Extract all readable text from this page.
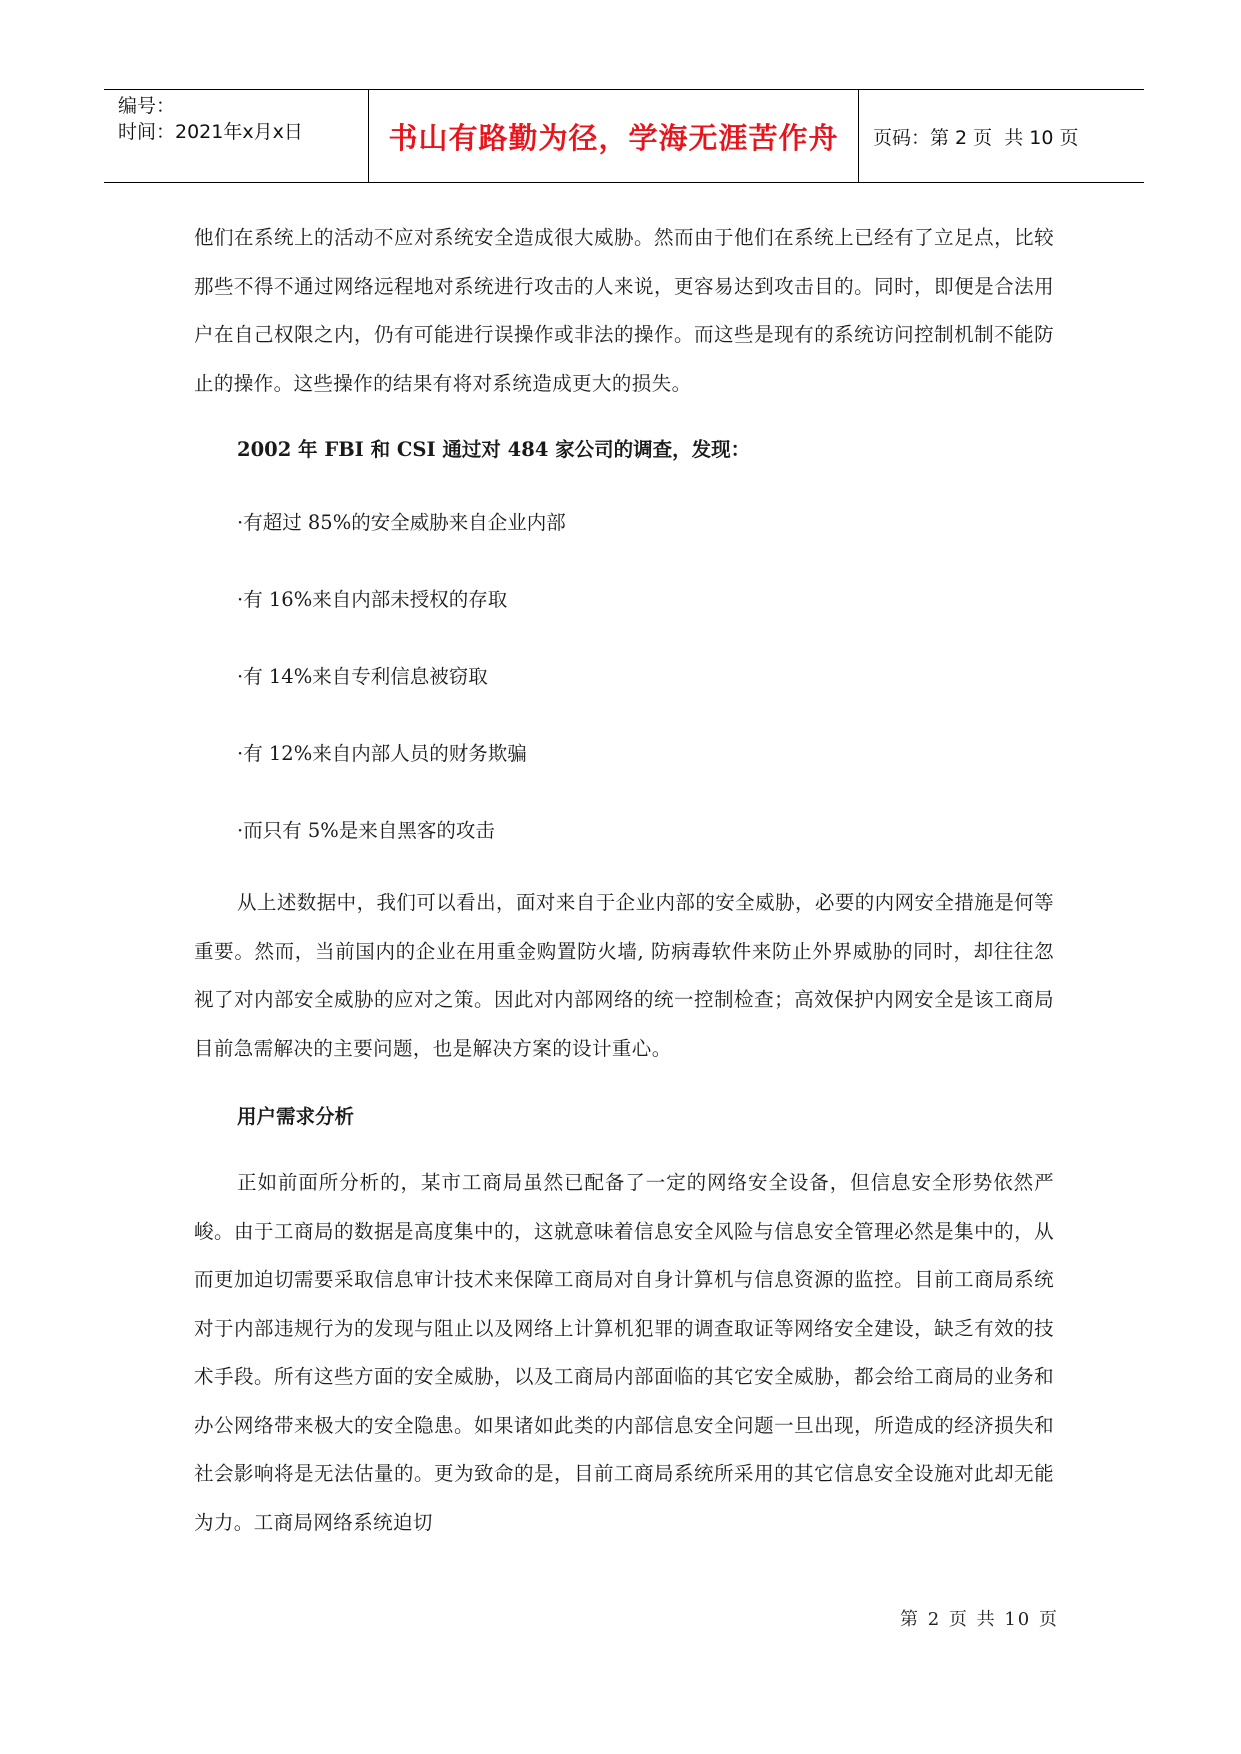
编号：
时间：2021年x月x日	书山有路勤为径，学海无涯苦作舟 页码：第 2 页  共 10 页

他们在系统上的活动不应对系统安全造成很大威胁。然而由于他们在系统上已经有了立足点，比较那些不得不通过网络远程地对系统进行攻击的人来说，更容易达到攻击目的。同时，即便是合法用户在自己权限之内，仍有可能进行误操作或非法的操作。而这些是现有的系统访问控制机制不能防止的操作。这些操作的结果有将对系统造成更大的损失。

2002 年 FBI 和 CSI 通过对 484 家公司的调查，发现：

·有超过 85%的安全威胁来自企业内部

·有 16%来自内部未授权的存取

·有 14%来自专利信息被窃取

·有 12%来自内部人员的财务欺骗

·而只有 5%是来自黑客的攻击

从上述数据中，我们可以看出，面对来自于企业内部的安全威胁，必要的内网安全措施是何等重要。然而，当前国内的企业在用重金购置防火墙, 防病毒软件来防止外界威胁的同时，却往往忽视了对内部安全威胁的应对之策。因此对内部网络的统一控制检查；高效保护内网安全是该工商局目前急需解决的主要问题，也是解决方案的设计重心。

用户需求分析

正如前面所分析的，某市工商局虽然已配备了一定的网络安全设备，但信息安全形势依然严峻。由于工商局的数据是高度集中的，这就意味着信息安全风险与信息安全管理必然是集中的，从而更加迫切需要采取信息审计技术来保障工商局对自身计算机与信息资源的监控。目前工商局系统对于内部违规行为的发现与阻止以及网络上计算机犯罪的调查取证等网络安全建设，缺乏有效的技术手段。所有这些方面的安全威胁，以及工商局内部面临的其它安全威胁，都会给工商局的业务和办公网络带来极大的安全隐患。如果诸如此类的内部信息安全问题一旦出现，所造成的经济损失和社会影响将是无法估量的。更为致命的是，目前工商局系统所采用的其它信息安全设施对此却无能为力。工商局网络系统迫切

第 2 页 共 10 页
